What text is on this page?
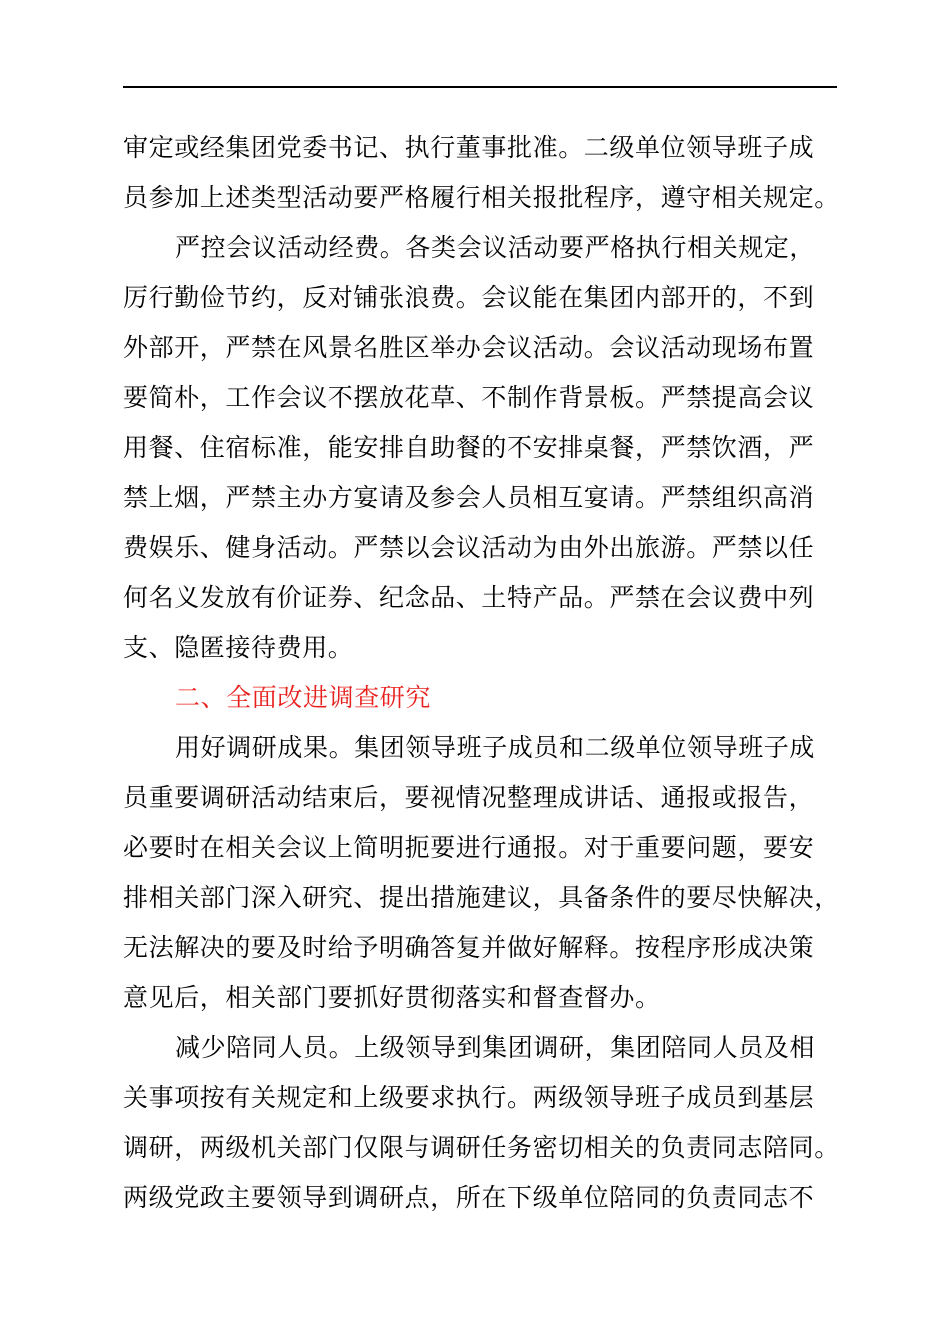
审定或经集团党委书记、执行董事批准。二级单位领导班子成
员参加上述类型活动要严格履行相关报批程序，遵守相关规定。
严控会议活动经费。各类会议活动要严格执行相关规定，
厉行勤俭节约，反对铺张浪费。会议能在集团内部开的，不到
外部开，严禁在风景名胜区举办会议活动。会议活动现场布置
要简朴，工作会议不摆放花草、不制作背景板。严禁提高会议
用餐、住宿标准，能安排自助餐的不安排桌餐，严禁饮酒，严
禁上烟，严禁主办方宴请及参会人员相互宴请。严禁组织高消
费娱乐、健身活动。严禁以会议活动为由外出旅游。严禁以任
何名义发放有价证券、纪念品、土特产品。严禁在会议费中列
支、隐匿接待费用。
二、全面改进调查研究
用好调研成果。集团领导班子成员和二级单位领导班子成
员重要调研活动结束后，要视情况整理成讲话、通报或报告，
必要时在相关会议上简明扼要进行通报。对于重要问题，要安
排相关部门深入研究、提出措施建议，具备条件的要尽快解决，
无法解决的要及时给予明确答复并做好解释。按程序形成决策
意见后，相关部门要抓好贯彻落实和督查督办。
减少陪同人员。上级领导到集团调研，集团陪同人员及相
关事项按有关规定和上级要求执行。两级领导班子成员到基层
调研，两级机关部门仅限与调研任务密切相关的负责同志陪同。
两级党政主要领导到调研点，所在下级单位陪同的负责同志不
